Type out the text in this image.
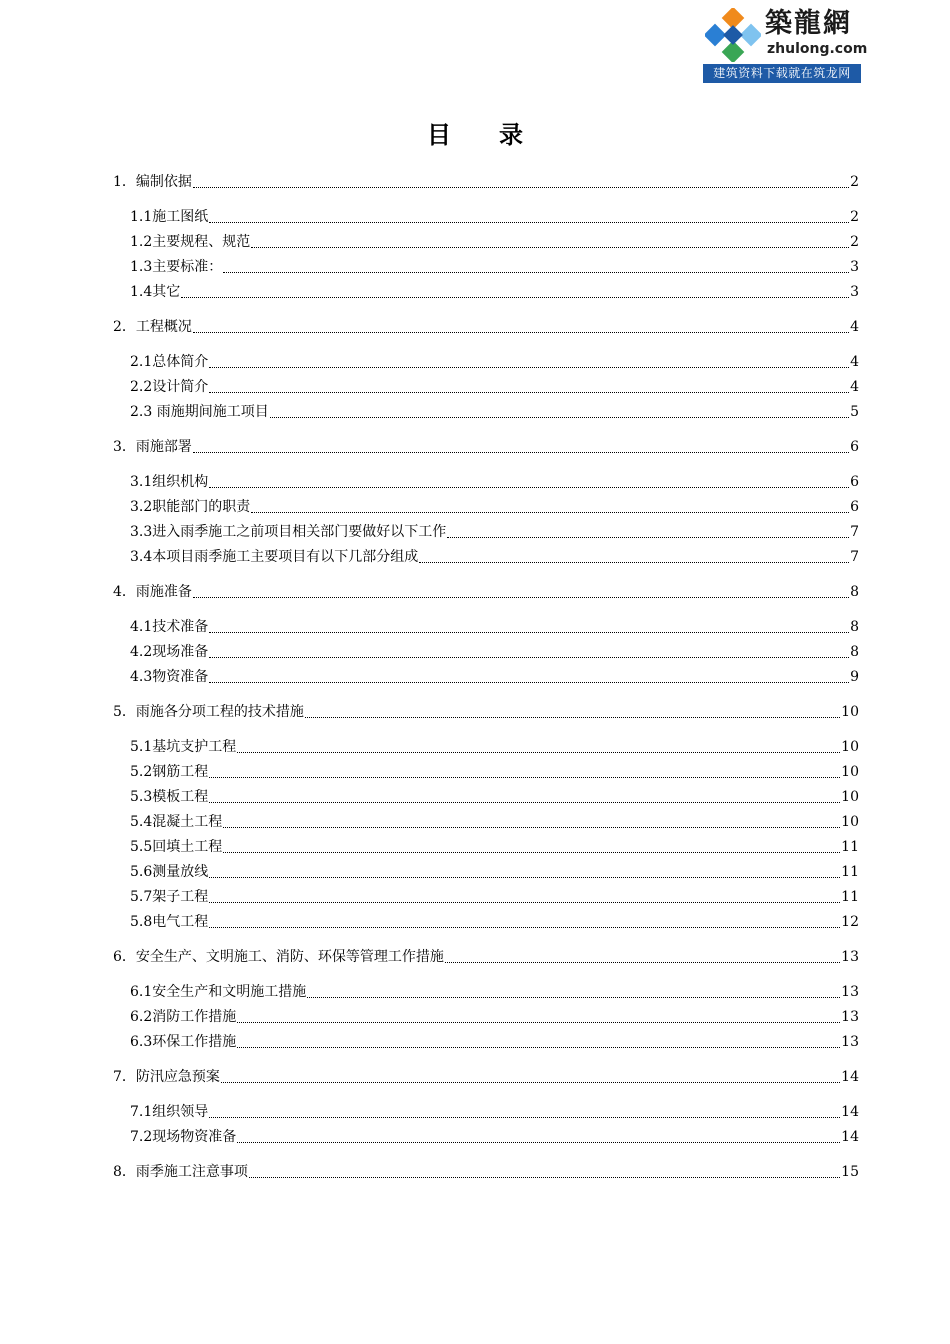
築龍網
zhulong.com
建筑资料下载就在筑龙网
目　　录
1．编制依据	2
1.1施工图纸	2
1.2主要规程、规范	2
1.3主要标准：	3
1.4其它	3
2．工程概况	4
2.1总体简介	4
2.2设计简介	4
2.3 雨施期间施工项目	5
3．雨施部署	6
3.1组织机构	6
3.2职能部门的职责	6
3.3进入雨季施工之前项目相关部门要做好以下工作	7
3.4本项目雨季施工主要项目有以下几部分组成	7
4．雨施准备	8
4.1技术准备	8
4.2现场准备	8
4.3物资准备	9
5．雨施各分项工程的技术措施	10
5.1基坑支护工程	10
5.2钢筋工程	10
5.3模板工程	10
5.4混凝土工程	10
5.5回填土工程	11
5.6测量放线	11
5.7架子工程	11
5.8电气工程	12
6．安全生产、文明施工、消防、环保等管理工作措施	13
6.1安全生产和文明施工措施	13
6.2消防工作措施	13
6.3环保工作措施	13
7．防汛应急预案	14
7.1组织领导	14
7.2现场物资准备	14
8．雨季施工注意事项	15
